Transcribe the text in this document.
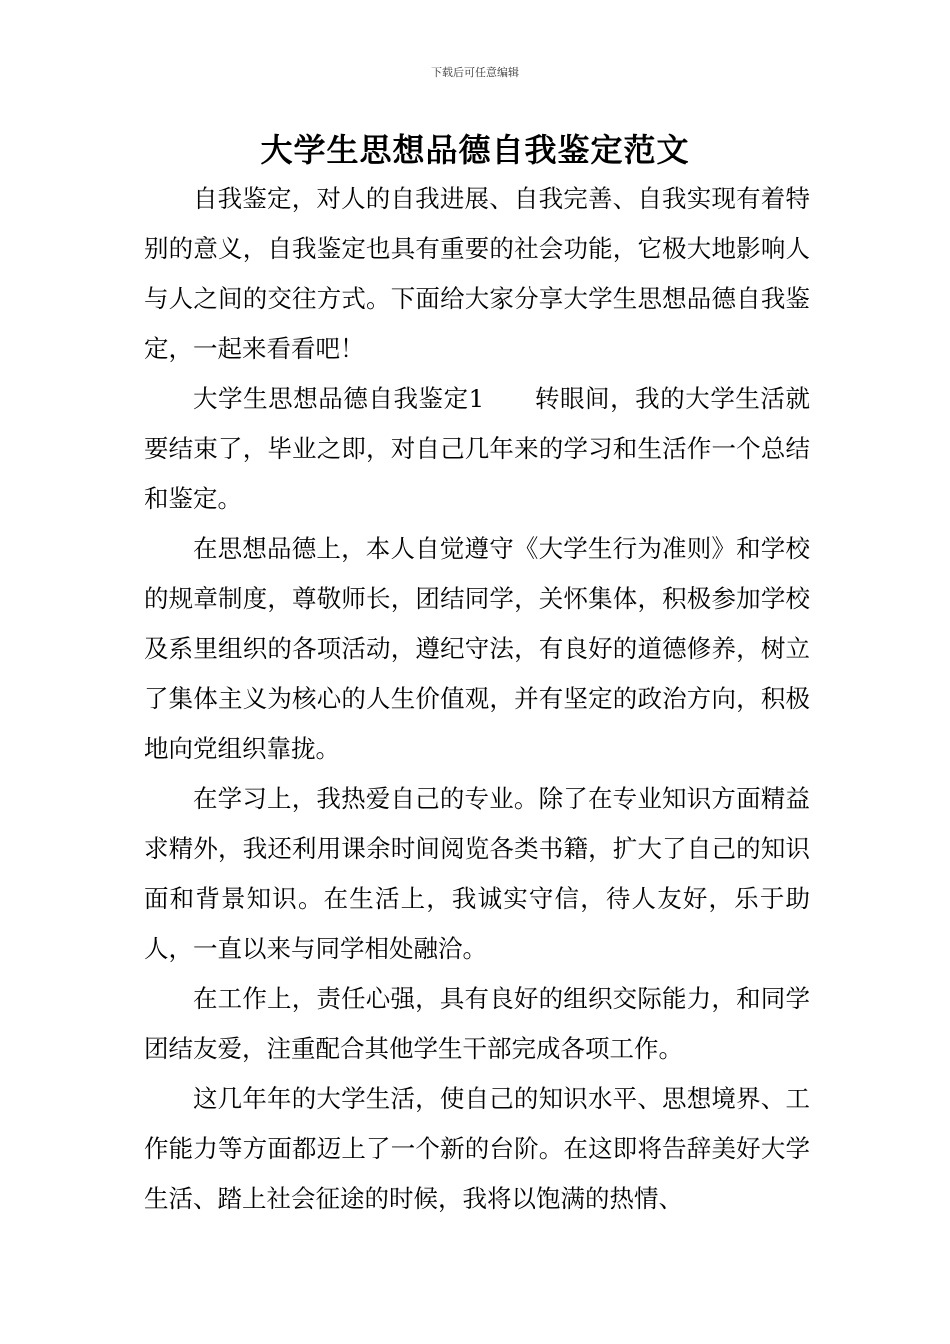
下载后可任意编辑
大学生思想品德自我鉴定范文

自我鉴定，对人的自我进展、自我完善、自我实现有着特别的意义，自我鉴定也具有重要的社会功能，它极大地影响人与人之间的交往方式。下面给大家分享大学生思想品德自我鉴定，一起来看看吧！

大学生思想品德自我鉴定1　　转眼间，我的大学生活就要结束了，毕业之即，对自己几年来的学习和生活作一个总结和鉴定。

在思想品德上，本人自觉遵守《大学生行为准则》和学校的规章制度，尊敬师长，团结同学，关怀集体，积极参加学校及系里组织的各项活动，遵纪守法，有良好的道德修养，树立了集体主义为核心的人生价值观，并有坚定的政治方向，积极地向党组织靠拢。

在学习上，我热爱自己的专业。除了在专业知识方面精益求精外，我还利用课余时间阅览各类书籍，扩大了自己的知识面和背景知识。在生活上，我诚实守信，待人友好，乐于助人，一直以来与同学相处融洽。

在工作上，责任心强，具有良好的组织交际能力，和同学团结友爱，注重配合其他学生干部完成各项工作。

这几年年的大学生活，使自己的知识水平、思想境界、工作能力等方面都迈上了一个新的台阶。在这即将告辞美好大学生活、踏上社会征途的时候，我将以饱满的热情、
